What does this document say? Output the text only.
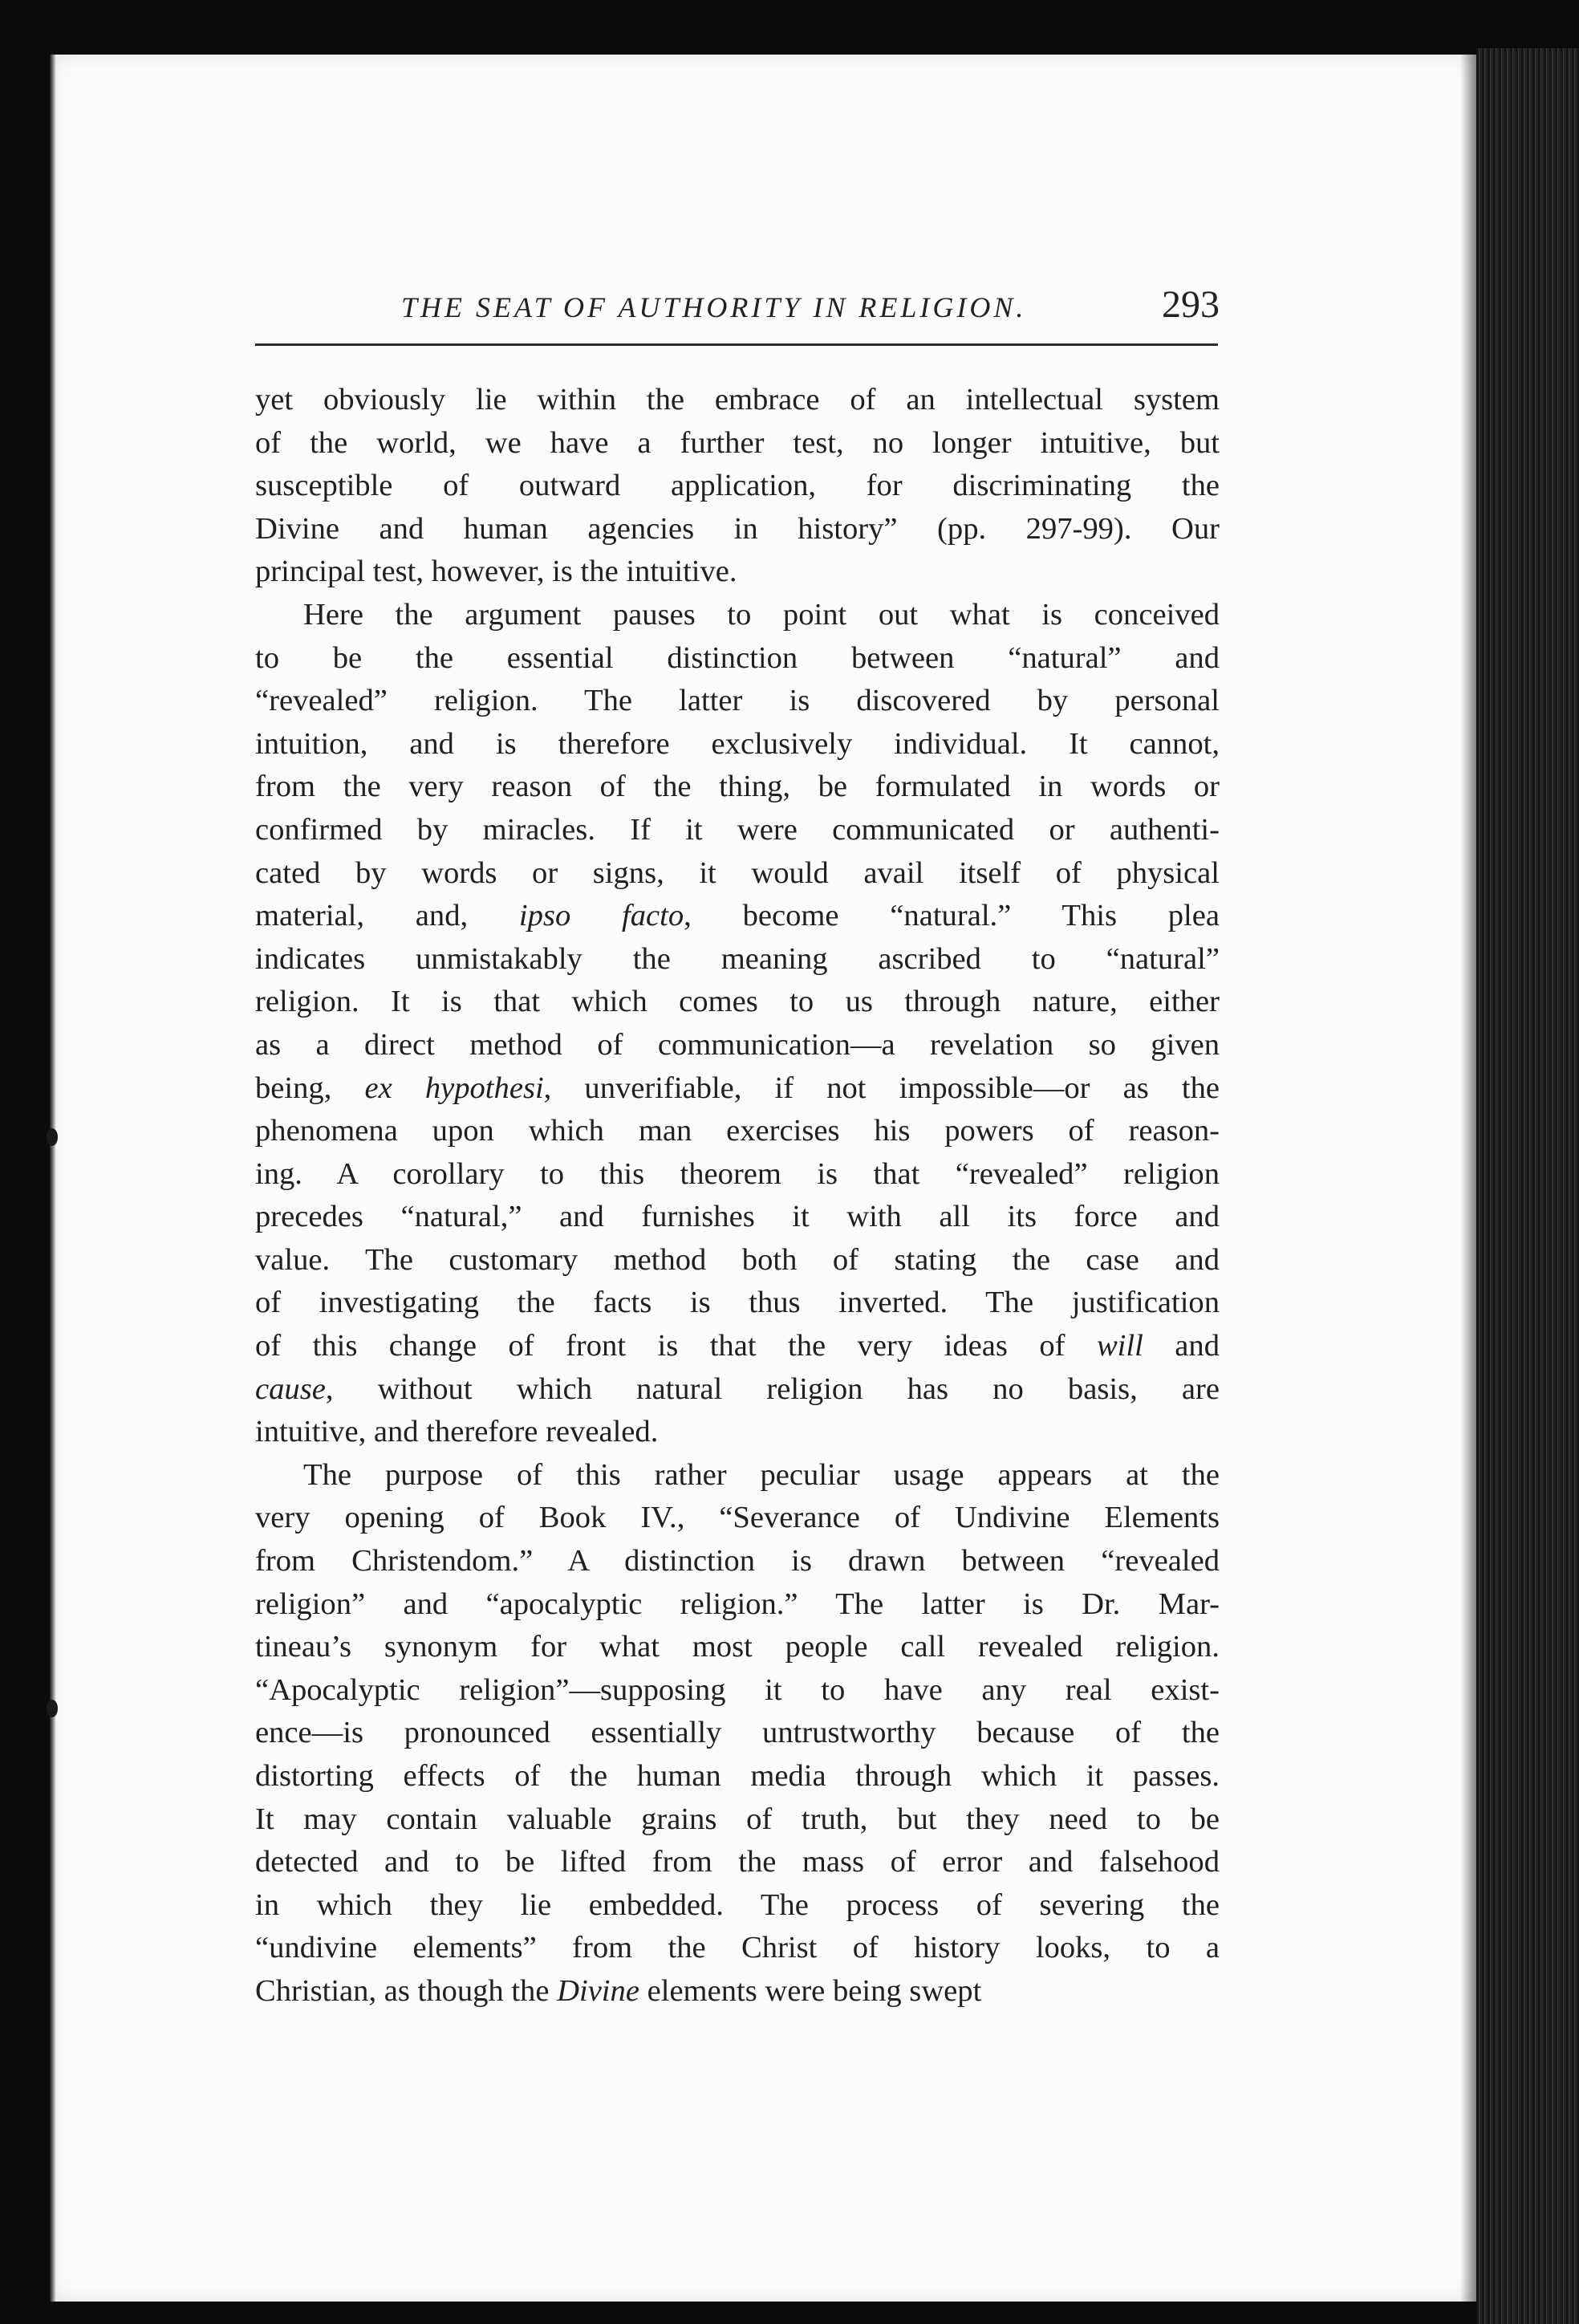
THE SEAT OF AUTHORITY IN RELIGION.	293
yet obviously lie within the embrace of an intellectual system
of the world, we have a further test, no longer intuitive, but
susceptible of outward application, for discriminating the
Divine and human agencies in history” (pp. 297-99). Our
principal test, however, is the intuitive.
Here the argument pauses to point out what is conceived
to be the essential distinction between “natural” and
“revealed” religion. The latter is discovered by personal
intuition, and is therefore exclusively individual. It cannot,
from the very reason of the thing, be formulated in words or
confirmed by miracles. If it were communicated or authenti-
cated by words or signs, it would avail itself of physical
material, and, ipso facto, become “natural.” This plea
indicates unmistakably the meaning ascribed to “natural”
religion. It is that which comes to us through nature, either
as a direct method of communication—a revelation so given
being, ex hypothesi, unverifiable, if not impossible—or as the
phenomena upon which man exercises his powers of reason-
ing. A corollary to this theorem is that “revealed” religion
precedes “natural,” and furnishes it with all its force and
value. The customary method both of stating the case and
of investigating the facts is thus inverted. The justification
of this change of front is that the very ideas of will and
cause, without which natural religion has no basis, are
intuitive, and therefore revealed.
The purpose of this rather peculiar usage appears at the
very opening of Book IV., “Severance of Undivine Elements
from Christendom.” A distinction is drawn between “revealed
religion” and “apocalyptic religion.” The latter is Dr. Mar-
tineau’s synonym for what most people call revealed religion.
“Apocalyptic religion”—supposing it to have any real exist-
ence—is pronounced essentially untrustworthy because of the
distorting effects of the human media through which it passes.
It may contain valuable grains of truth, but they need to be
detected and to be lifted from the mass of error and falsehood
in which they lie embedded. The process of severing the
“undivine elements” from the Christ of history looks, to a
Christian, as though the Divine elements were being swept
